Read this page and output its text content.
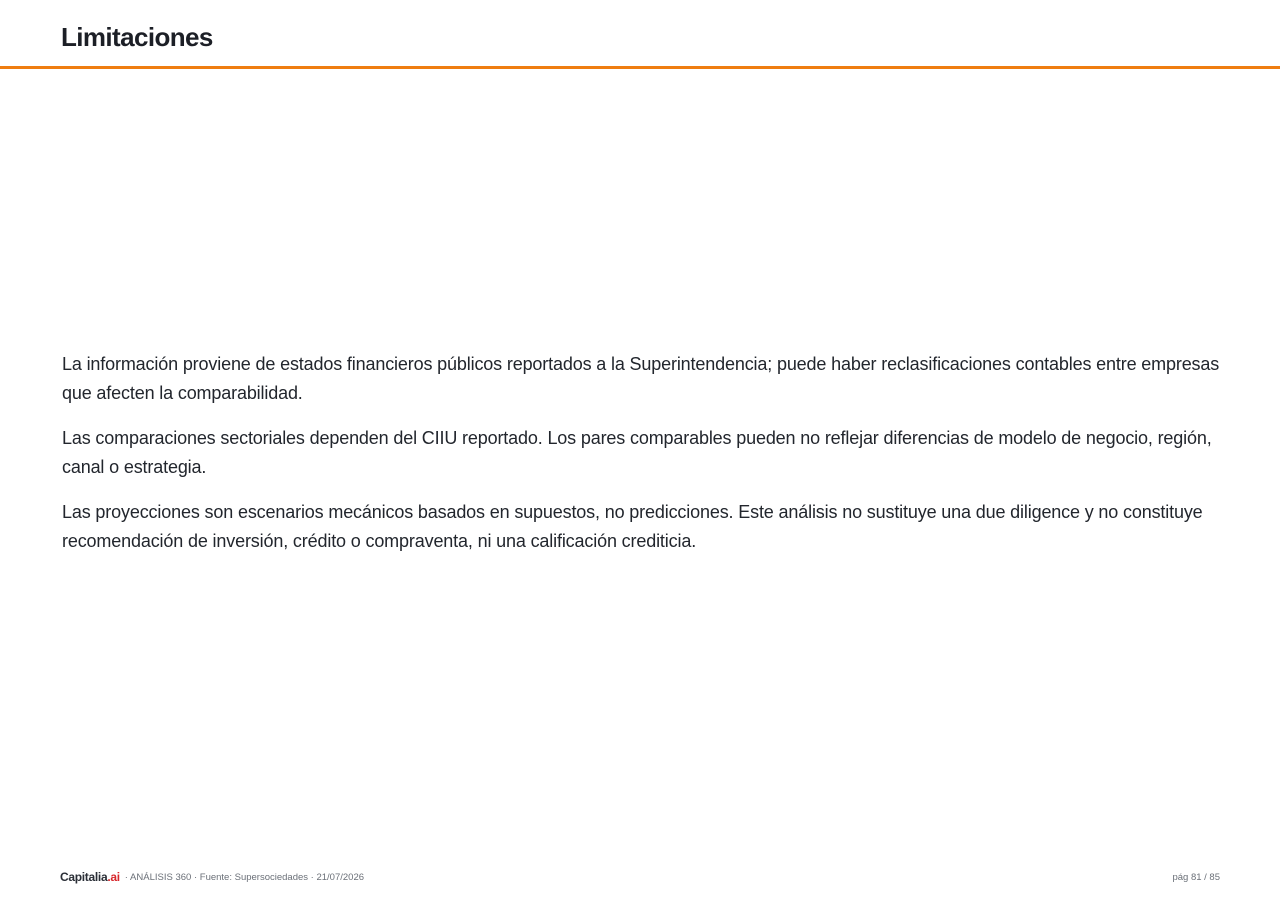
Limitaciones

La información proviene de estados financieros públicos reportados a la Superintendencia; puede haber reclasificaciones contables entre empresas que afecten la comparabilidad.

Las comparaciones sectoriales dependen del CIIU reportado. Los pares comparables pueden no reflejar diferencias de modelo de negocio, región, canal o estrategia.

Las proyecciones son escenarios mecánicos basados en supuestos, no predicciones. Este análisis no sustituye una due diligence y no constituye recomendación de inversión, crédito o compraventa, ni una calificación crediticia.

Capitalia.ai · ANÁLISIS 360 · Fuente: Supersociedades · 21/07/2026	pág 81 / 85
